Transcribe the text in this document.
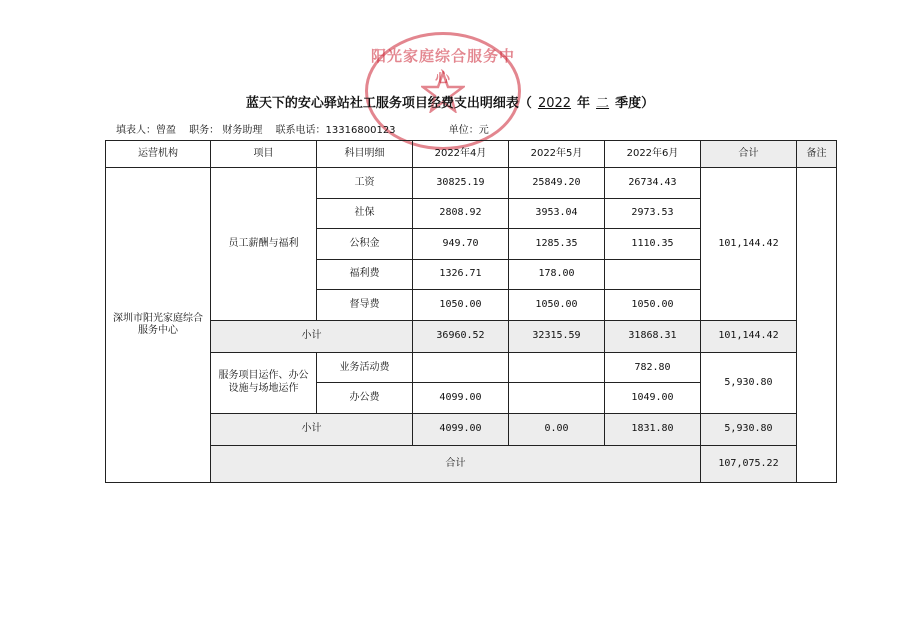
阳光家庭综合服务中心
蓝天下的安心驿站社工服务项目经费支出明细表（ 2022 年 二 季度）
填表人：曾盈 职务： 财务助理 联系电话：13316800123	单位：元
运营机构	项目	科目明细	2022年4月	2022年5月	2022年6月	合计	备注
深圳市阳光家庭综合服务中心	员工薪酬与福利	工资	30825.19	25849.20	26734.43	101,144.42	
		社保	2808.92	3953.04	2973.53		
		公积金	949.70	1285.35	1110.35		
		福利费	1326.71	178.00			
		督导费	1050.00	1050.00	1050.00		
	小计		36960.52	32315.59	31868.31	101,144.42	
	服务项目运作、办公设施与场地运作	业务活动费			782.80	5,930.80	
		办公费	4099.00		1049.00		
	小计		4099.00	0.00	1831.80	5,930.80	
	合计					107,075.22	
